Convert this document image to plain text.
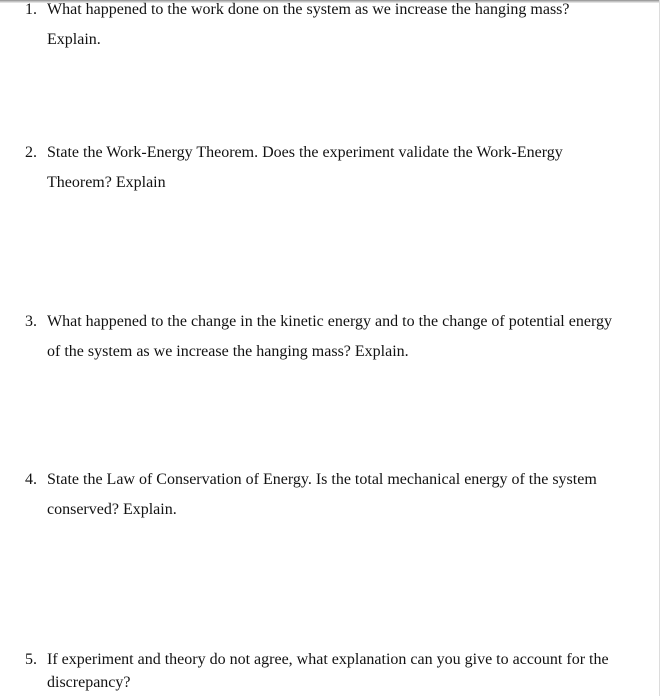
1. What happened to the work done on the system as we increase the hanging mass?
Explain.
2. State the Work-Energy Theorem. Does the experiment validate the Work-Energy
Theorem? Explain
3. What happened to the change in the kinetic energy and to the change of potential energy
of the system as we increase the hanging mass? Explain.
4. State the Law of Conservation of Energy. Is the total mechanical energy of the system
conserved? Explain.
5. If experiment and theory do not agree, what explanation can you give to account for the
discrepancy?
